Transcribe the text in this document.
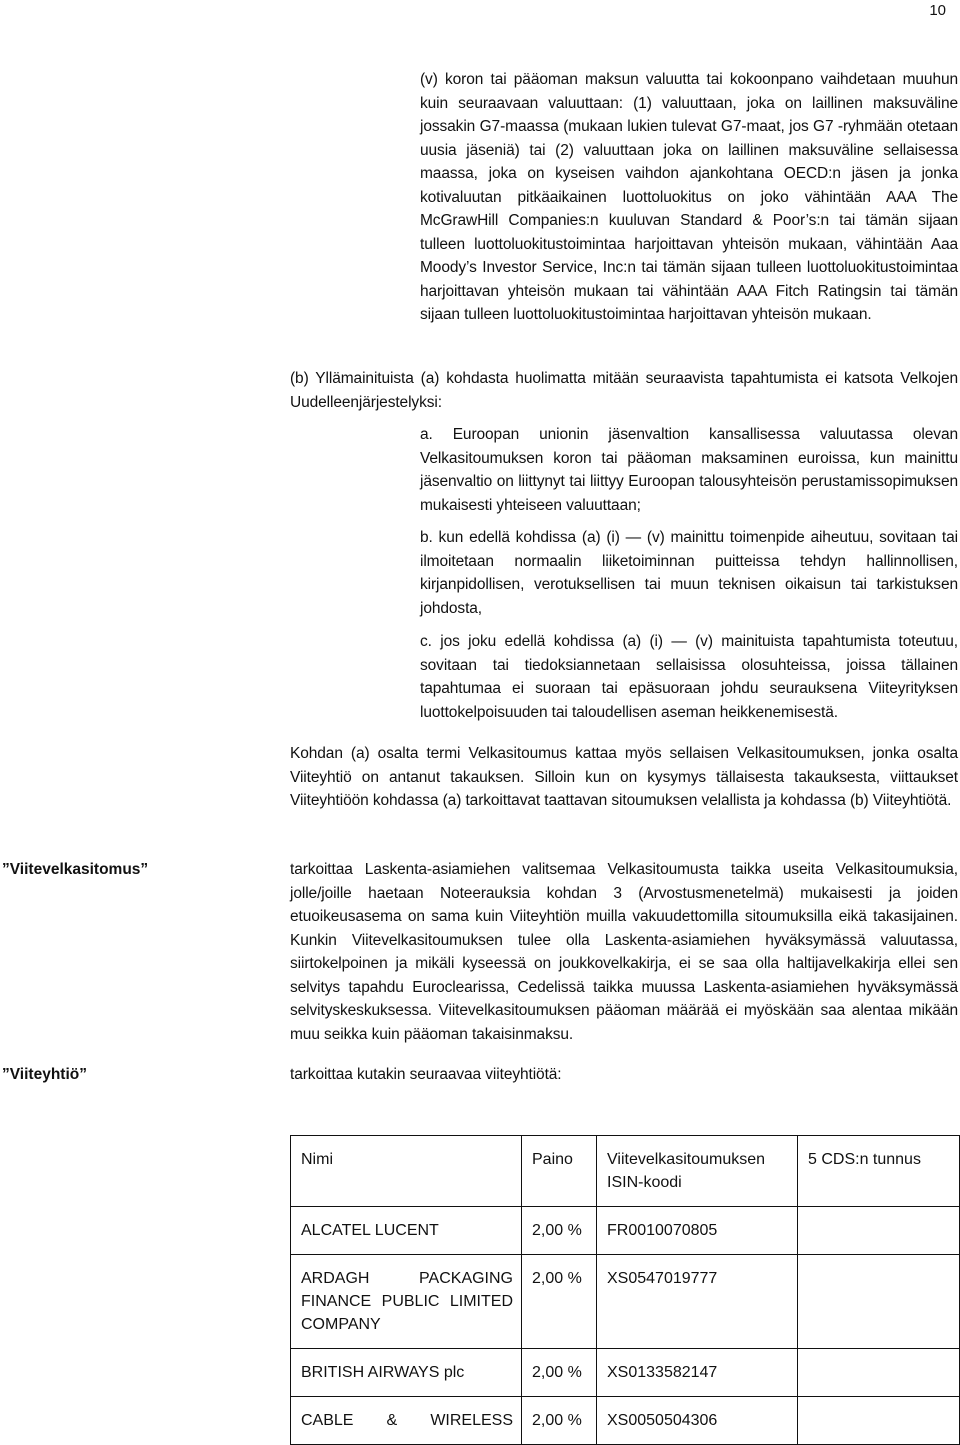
10
(v) koron tai pääoman maksun valuutta tai kokoonpano vaihdetaan muuhun kuin seuraavaan valuuttaan: (1) valuuttaan, joka on laillinen maksuväline jossakin G7-maassa (mukaan lukien tulevat G7-maat, jos G7 -ryhmään otetaan uusia jäseniä) tai (2) valuuttaan joka on laillinen maksuväline sellaisessa maassa, joka on kyseisen vaihdon ajankohtana OECD:n jäsen ja jonka kotivaluutan pitkäaikainen luottoluokitus on joko vähintään AAA The McGrawHill Companies:n kuuluvan Standard & Poor’s:n tai tämän sijaan tulleen luottoluokitustoimintaa harjoittavan yhteisön mukaan, vähintään Aaa Moody’s Investor Service, Inc:n tai tämän sijaan tulleen luottoluokitustoimintaa harjoittavan yhteisön mukaan tai vähintään AAA Fitch Ratingsin tai tämän sijaan tulleen luottoluokitustoimintaa harjoittavan yhteisön mukaan.
(b) Yllämainituista (a) kohdasta huolimatta mitään seuraavista tapahtumista ei katsota Velkojen Uudelleenjärjestelyksi:
a. Euroopan unionin jäsenvaltion kansallisessa valuutassa olevan Velkasitoumuksen koron tai pääoman maksaminen euroissa, kun mainittu jäsenvaltio on liittynyt tai liittyy Euroopan talousyhteisön perustamissopimuksen mukaisesti yhteiseen valuuttaan;
b. kun edellä kohdissa (a) (i) — (v) mainittu toimenpide aiheutuu, sovitaan tai ilmoitetaan normaalin liiketoiminnan puitteissa tehdyn hallinnollisen, kirjanpidollisen, verotuksellisen tai muun teknisen oikaisun tai tarkistuksen johdosta,
c. jos joku edellä kohdissa (a) (i) — (v) mainituista tapahtumista toteutuu, sovitaan tai tiedoksiannetaan sellaisissa olosuhteissa, joissa tällainen tapahtumaa ei suoraan tai epäsuoraan johdu seurauksena Viiteyrityksen luottokelpoisuuden tai taloudellisen aseman heikkenemisestä.
Kohdan (a) osalta termi Velkasitoumus kattaa myös sellaisen Velkasitoumuksen, jonka osalta Viiteyhtiö on antanut takauksen. Silloin kun on kysymys tällaisesta takauksesta, viittaukset Viiteyhtiöön kohdassa (a) tarkoittavat taattavan sitoumuksen velallista ja kohdassa (b) Viiteyhtiötä.
”Viitevelkasitomus”	tarkoittaa Laskenta-asiamiehen valitsemaa Velkasitoumusta taikka useita Velkasitoumuksia, jolle/joille haetaan Noteerauksia kohdan 3 (Arvostusmenetelmä) mukaisesti ja joiden etuoikeusasema on sama kuin Viiteyhtiön muilla vakuudettomilla sitoumuksilla eikä takasijainen. Kunkin Viitevelkasitoumuksen tulee olla Laskenta-asiamiehen hyväksymässä valuutassa, siirtokelpoinen ja mikäli kyseessä on joukkovelkakirja, ei se saa olla haltijavelkakirja ellei sen selvitys tapahdu Euroclearissa, Cedelissä taikka muussa Laskenta-asiamiehen hyväksymässä selvityskeskuksessa. Viitevelkasitoumuksen pääoman määrää ei myöskään saa alentaa mikään muu seikka kuin pääoman takaisinmaksu.
”Viiteyhtiö”	tarkoittaa kutakin seuraavaa viiteyhtiötä:
Nimi	Paino	Viitevelkasitoumuksen ISIN-koodi	5 CDS:n tunnus

ALCATEL LUCENT	2,00 %	FR0010070805	

ARDAGH PACKAGING FINANCE PUBLIC LIMITED COMPANY	2,00 %	XS0547019777	

BRITISH AIRWAYS plc	2,00 %	XS0133582147	

CABLE & WIRELESS	2,00 %	XS0050504306	
